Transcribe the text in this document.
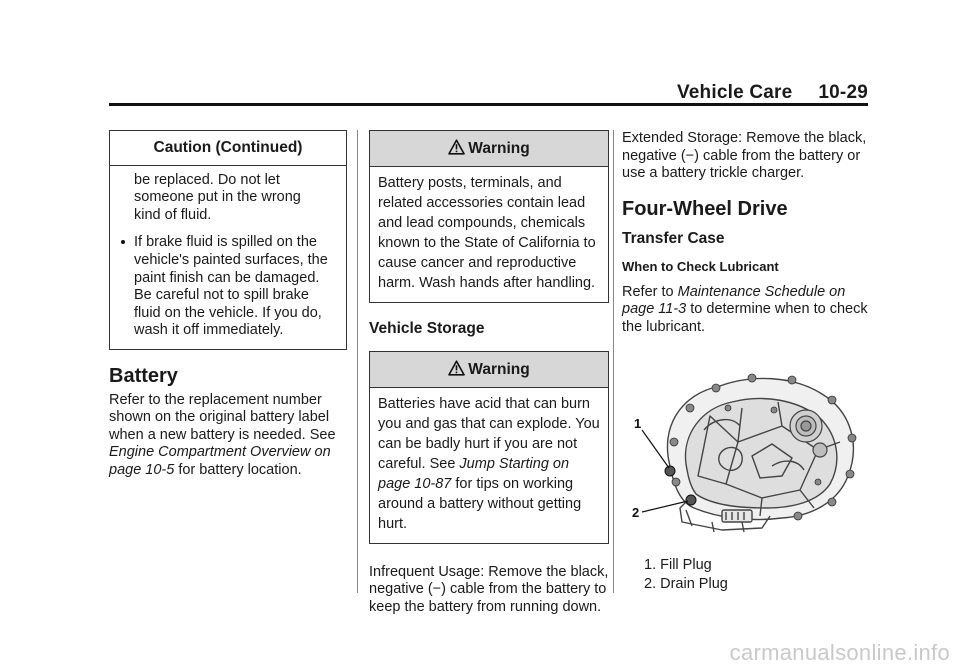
Vehicle Care 10-29
Caution (Continued)
be replaced. Do not let
someone put in the wrong
kind of fluid.
If brake fluid is spilled on the vehicle's painted surfaces, the paint finish can be damaged. Be careful not to spill brake fluid on the vehicle. If you do, wash it off immediately.
Battery

Refer to the replacement number shown on the original battery label when a new battery is needed. See Engine Compartment Overview on page 10-5 for battery location.

Warning
Battery posts, terminals, and related accessories contain lead and lead compounds, chemicals known to the State of California to cause cancer and reproductive harm. Wash hands after handling.
Vehicle Storage
Warning
Batteries have acid that can burn you and gas that can explode. You can be badly hurt if you are not careful. See Jump Starting on page 10-87 for tips on working around a battery without getting hurt.

Infrequent Usage: Remove the black, negative (−) cable from the battery to keep the battery from running down.

Extended Storage: Remove the black, negative (−) cable from the battery or use a battery trickle charger.

Four-Wheel Drive
Transfer Case
When to Check Lubricant

Refer to Maintenance Schedule on page 11-3 to determine when to check the lubricant.

1
2
1. Fill Plug
2. Drain Plug
carmanualsonline.info
